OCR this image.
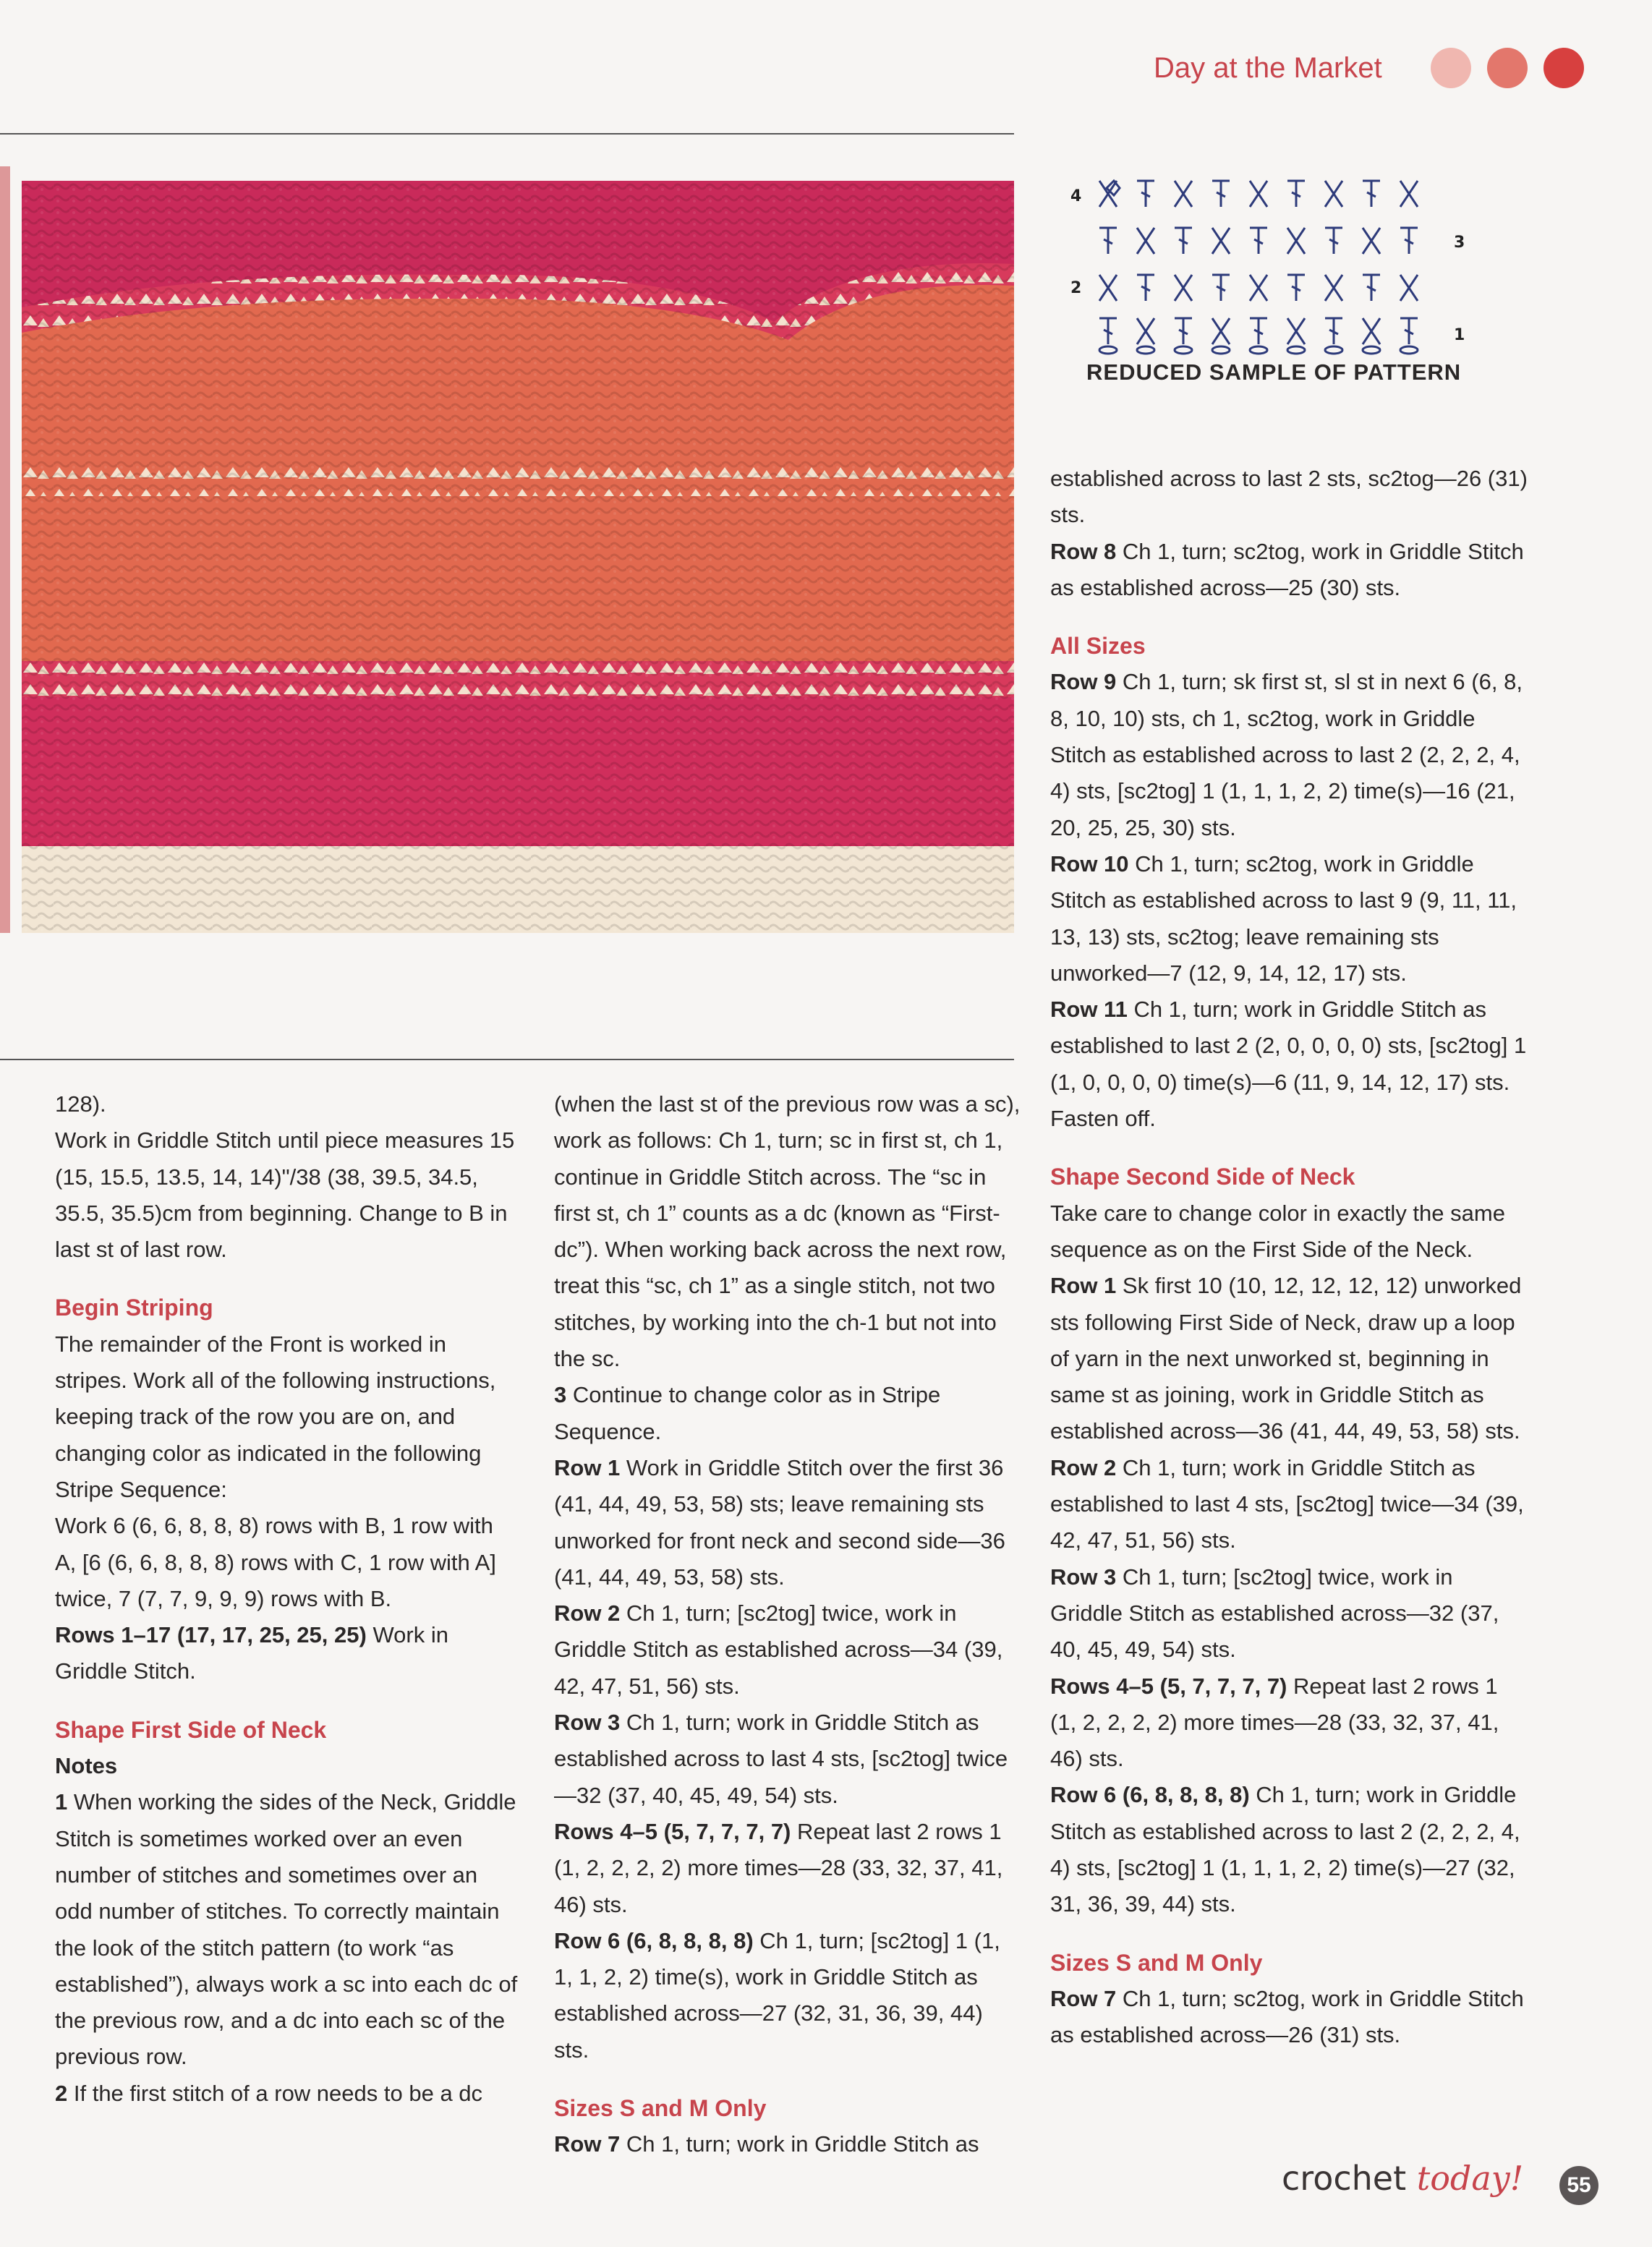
Day at the Market
4
3
2
1
REDUCED SAMPLE OF PATTERN

128).

Work in Griddle Stitch until piece measures 15 (15, 15.5, 13.5, 14, 14)"/38 (38, 39.5, 34.5, 35.5, 35.5)cm from beginning. Change to B in last st of last row.

Begin Striping

The remainder of the Front is worked in stripes. Work all of the following instructions, keeping track of the row you are on, and changing color as indicated in the following Stripe Sequence:

Work 6 (6, 6, 8, 8, 8) rows with B, 1 row with A, [6 (6, 6, 8, 8, 8) rows with C, 1 row with A] twice, 7 (7, 7, 9, 9, 9) rows with B.

Rows 1–17 (17, 17, 25, 25, 25) Work in Griddle Stitch.

Shape First Side of Neck

Notes

1 When working the sides of the Neck, Griddle Stitch is sometimes worked over an even number of stitches and sometimes over an odd number of stitches. To correctly maintain the look of the stitch pattern (to work “as established”), always work a sc into each dc of the previous row, and a dc into each sc of the previous row.

2 If the first stitch of a row needs to be a dc

(when the last st of the previous row was a sc), work as follows: Ch 1, turn; sc in first st, ch 1, continue in Griddle Stitch across. The “sc in first st, ch 1” counts as a dc (known as “First-dc”). When working back across the next row, treat this “sc, ch 1” as a single stitch, not two stitches, by working into the ch-1 but not into the sc.

3 Continue to change color as in Stripe Sequence.

Row 1 Work in Griddle Stitch over the first 36 (41, 44, 49, 53, 58) sts; leave remaining sts unworked for front neck and second side—36 (41, 44, 49, 53, 58) sts.

Row 2 Ch 1, turn; [sc2tog] twice, work in Griddle Stitch as established across—34 (39, 42, 47, 51, 56) sts.

Row 3 Ch 1, turn; work in Griddle Stitch as established across to last 4 sts, [sc2tog] twice—32 (37, 40, 45, 49, 54) sts.

Rows 4–5 (5, 7, 7, 7, 7) Repeat last 2 rows 1 (1, 2, 2, 2, 2) more times—28 (33, 32, 37, 41, 46) sts.

Row 6 (6, 8, 8, 8, 8) Ch 1, turn; [sc2tog] 1 (1, 1, 1, 2, 2) time(s), work in Griddle Stitch as established across—27 (32, 31, 36, 39, 44) sts.

Sizes S and M Only

Row 7 Ch 1, turn; work in Griddle Stitch as

established across to last 2 sts, sc2tog—26 (31) sts.

Row 8 Ch 1, turn; sc2tog, work in Griddle Stitch as established across—25 (30) sts.

All Sizes

Row 9 Ch 1, turn; sk first st, sl st in next 6 (6, 8, 8, 10, 10) sts, ch 1, sc2tog, work in Griddle Stitch as established across to last 2 (2, 2, 2, 4, 4) sts, [sc2tog] 1 (1, 1, 1, 2, 2) time(s)—16 (21, 20, 25, 25, 30) sts.

Row 10 Ch 1, turn; sc2tog, work in Griddle Stitch as established across to last 9 (9, 11, 11, 13, 13) sts, sc2tog; leave remaining sts unworked—7 (12, 9, 14, 12, 17) sts.

Row 11 Ch 1, turn; work in Griddle Stitch as established to last 2 (2, 0, 0, 0, 0) sts, [sc2tog] 1 (1, 0, 0, 0, 0) time(s)—6 (11, 9, 14, 12, 17) sts. Fasten off.

Shape Second Side of Neck

Take care to change color in exactly the same sequence as on the First Side of the Neck.

Row 1 Sk first 10 (10, 12, 12, 12, 12) unworked sts following First Side of Neck, draw up a loop of yarn in the next unworked st, beginning in same st as joining, work in Griddle Stitch as established across—36 (41, 44, 49, 53, 58) sts.

Row 2 Ch 1, turn; work in Griddle Stitch as established to last 4 sts, [sc2tog] twice—34 (39, 42, 47, 51, 56) sts.

Row 3 Ch 1, turn; [sc2tog] twice, work in Griddle Stitch as established across—32 (37, 40, 45, 49, 54) sts.

Rows 4–5 (5, 7, 7, 7, 7) Repeat last 2 rows 1 (1, 2, 2, 2, 2) more times—28 (33, 32, 37, 41, 46) sts.

Row 6 (6, 8, 8, 8, 8) Ch 1, turn; work in Griddle Stitch as established across to last 2 (2, 2, 2, 4, 4) sts, [sc2tog] 1 (1, 1, 1, 2, 2) time(s)—27 (32, 31, 36, 39, 44) sts.

Sizes S and M Only

Row 7 Ch 1, turn; sc2tog, work in Griddle Stitch as established across—26 (31) sts.

crochet today!	55
